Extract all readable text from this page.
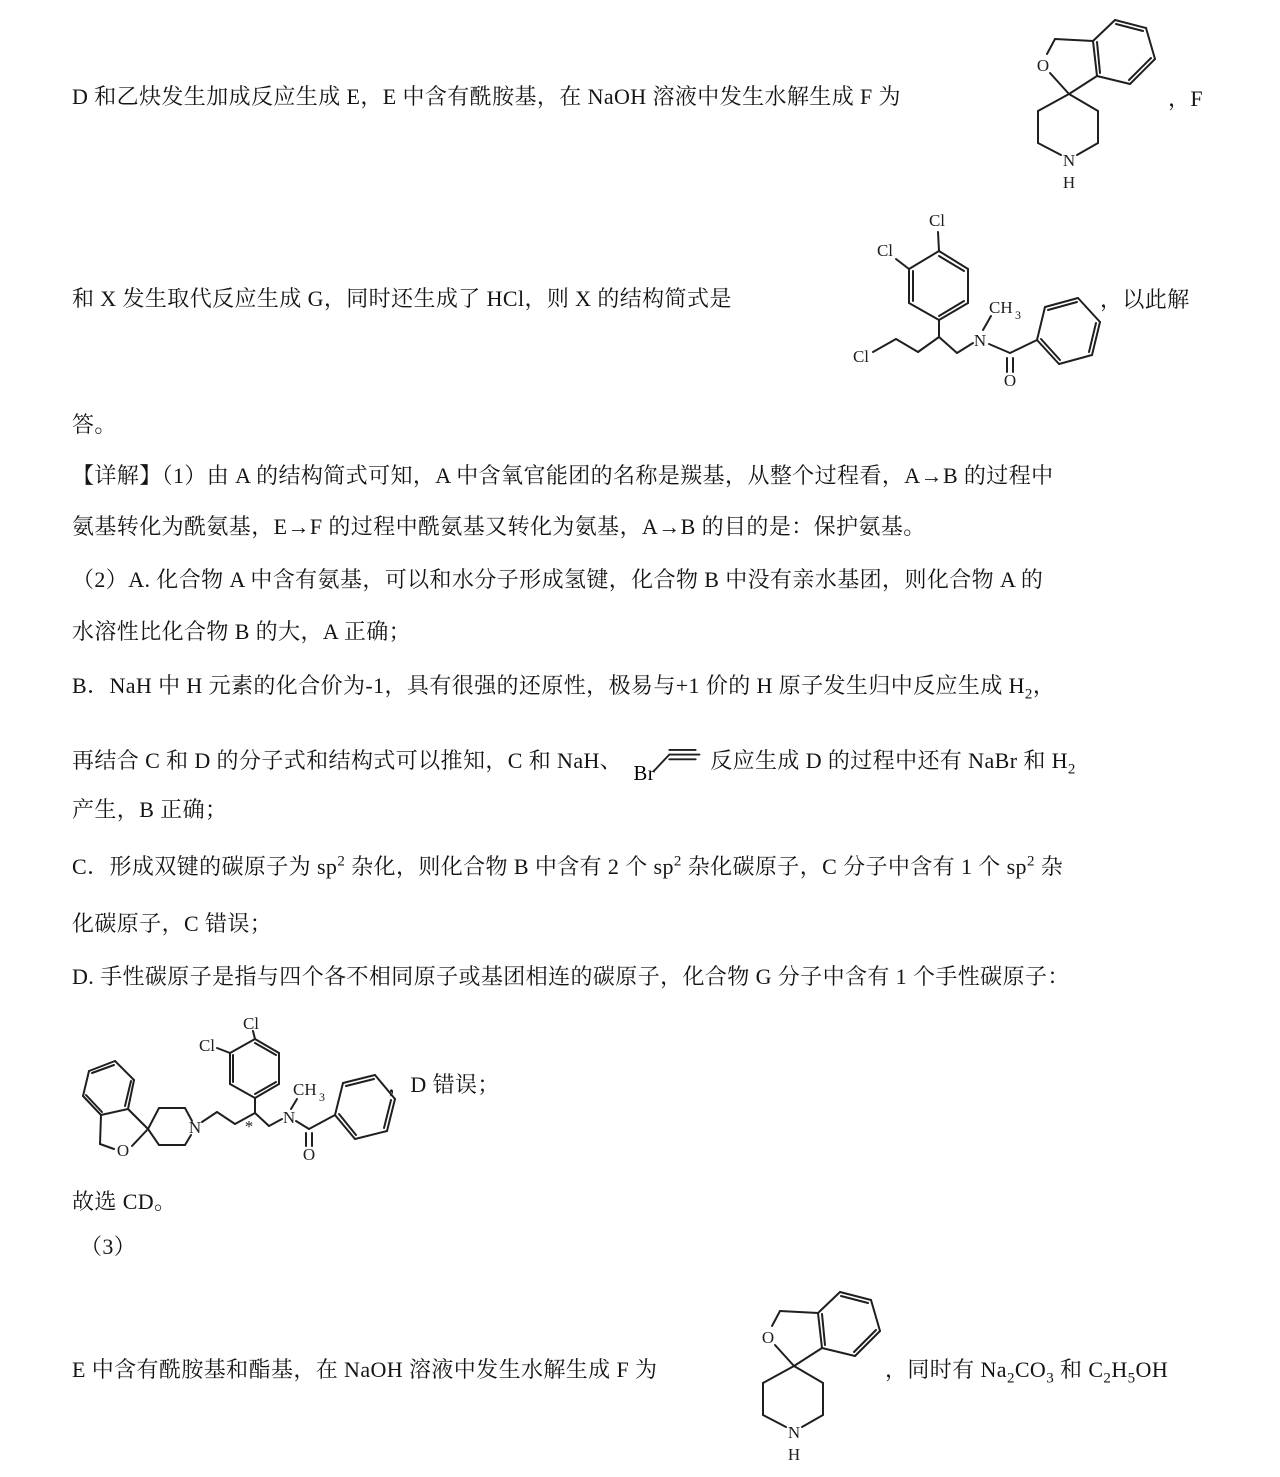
D 和乙炔发生加成反应生成 E，E 中含有酰胺基，在 NaOH 溶液中发生水解生成 F 为	，F
O
N
H
和 X 发生取代反应生成 G，同时还生成了 HCl，则 X 的结构简式是	，以此解
Cl
Cl
Cl
N
CH 3
O
答。
【详解】（1）由 A 的结构简式可知，A 中含氧官能团的名称是羰基，从整个过程看，A→B 的过程中
氨基转化为酰氨基，E→F 的过程中酰氨基又转化为氨基，A→B 的目的是：保护氨基。
（2）A. 化合物 A 中含有氨基，可以和水分子形成氢键，化合物 B 中没有亲水基团，则化合物 A 的
水溶性比化合物 B 的大，A 正确；
B．NaH 中 H 元素的化合价为-1，具有很强的还原性，极易与+1 价的 H 原子发生归中反应生成 $H_2$，
再结合 C 和 D 的分子式和结构式可以推知，C 和 NaH、
Br
反应生成 D 的过程中还有 NaBr 和 $H_2$
产生，B 正确；
C．形成双键的碳原子为 $sp^2$ 杂化，则化合物 B 中含有 2 个 $sp^2$ 杂化碳原子，C 分子中含有 1 个 $sp^2$ 杂
化碳原子，C 错误；
D. 手性碳原子是指与四个各不相同原子或基团相连的碳原子，化合物 G 分子中含有 1 个手性碳原子：
O
N	*
Cl
Cl
N
CH 3
O
，D 错误；
故选 CD。
（3）
E 中含有酰胺基和酯基，在 NaOH 溶液中发生水解生成 F 为
O
N
H
，同时有 $Na_2CO_3$ 和 $C_2H_5OH$
